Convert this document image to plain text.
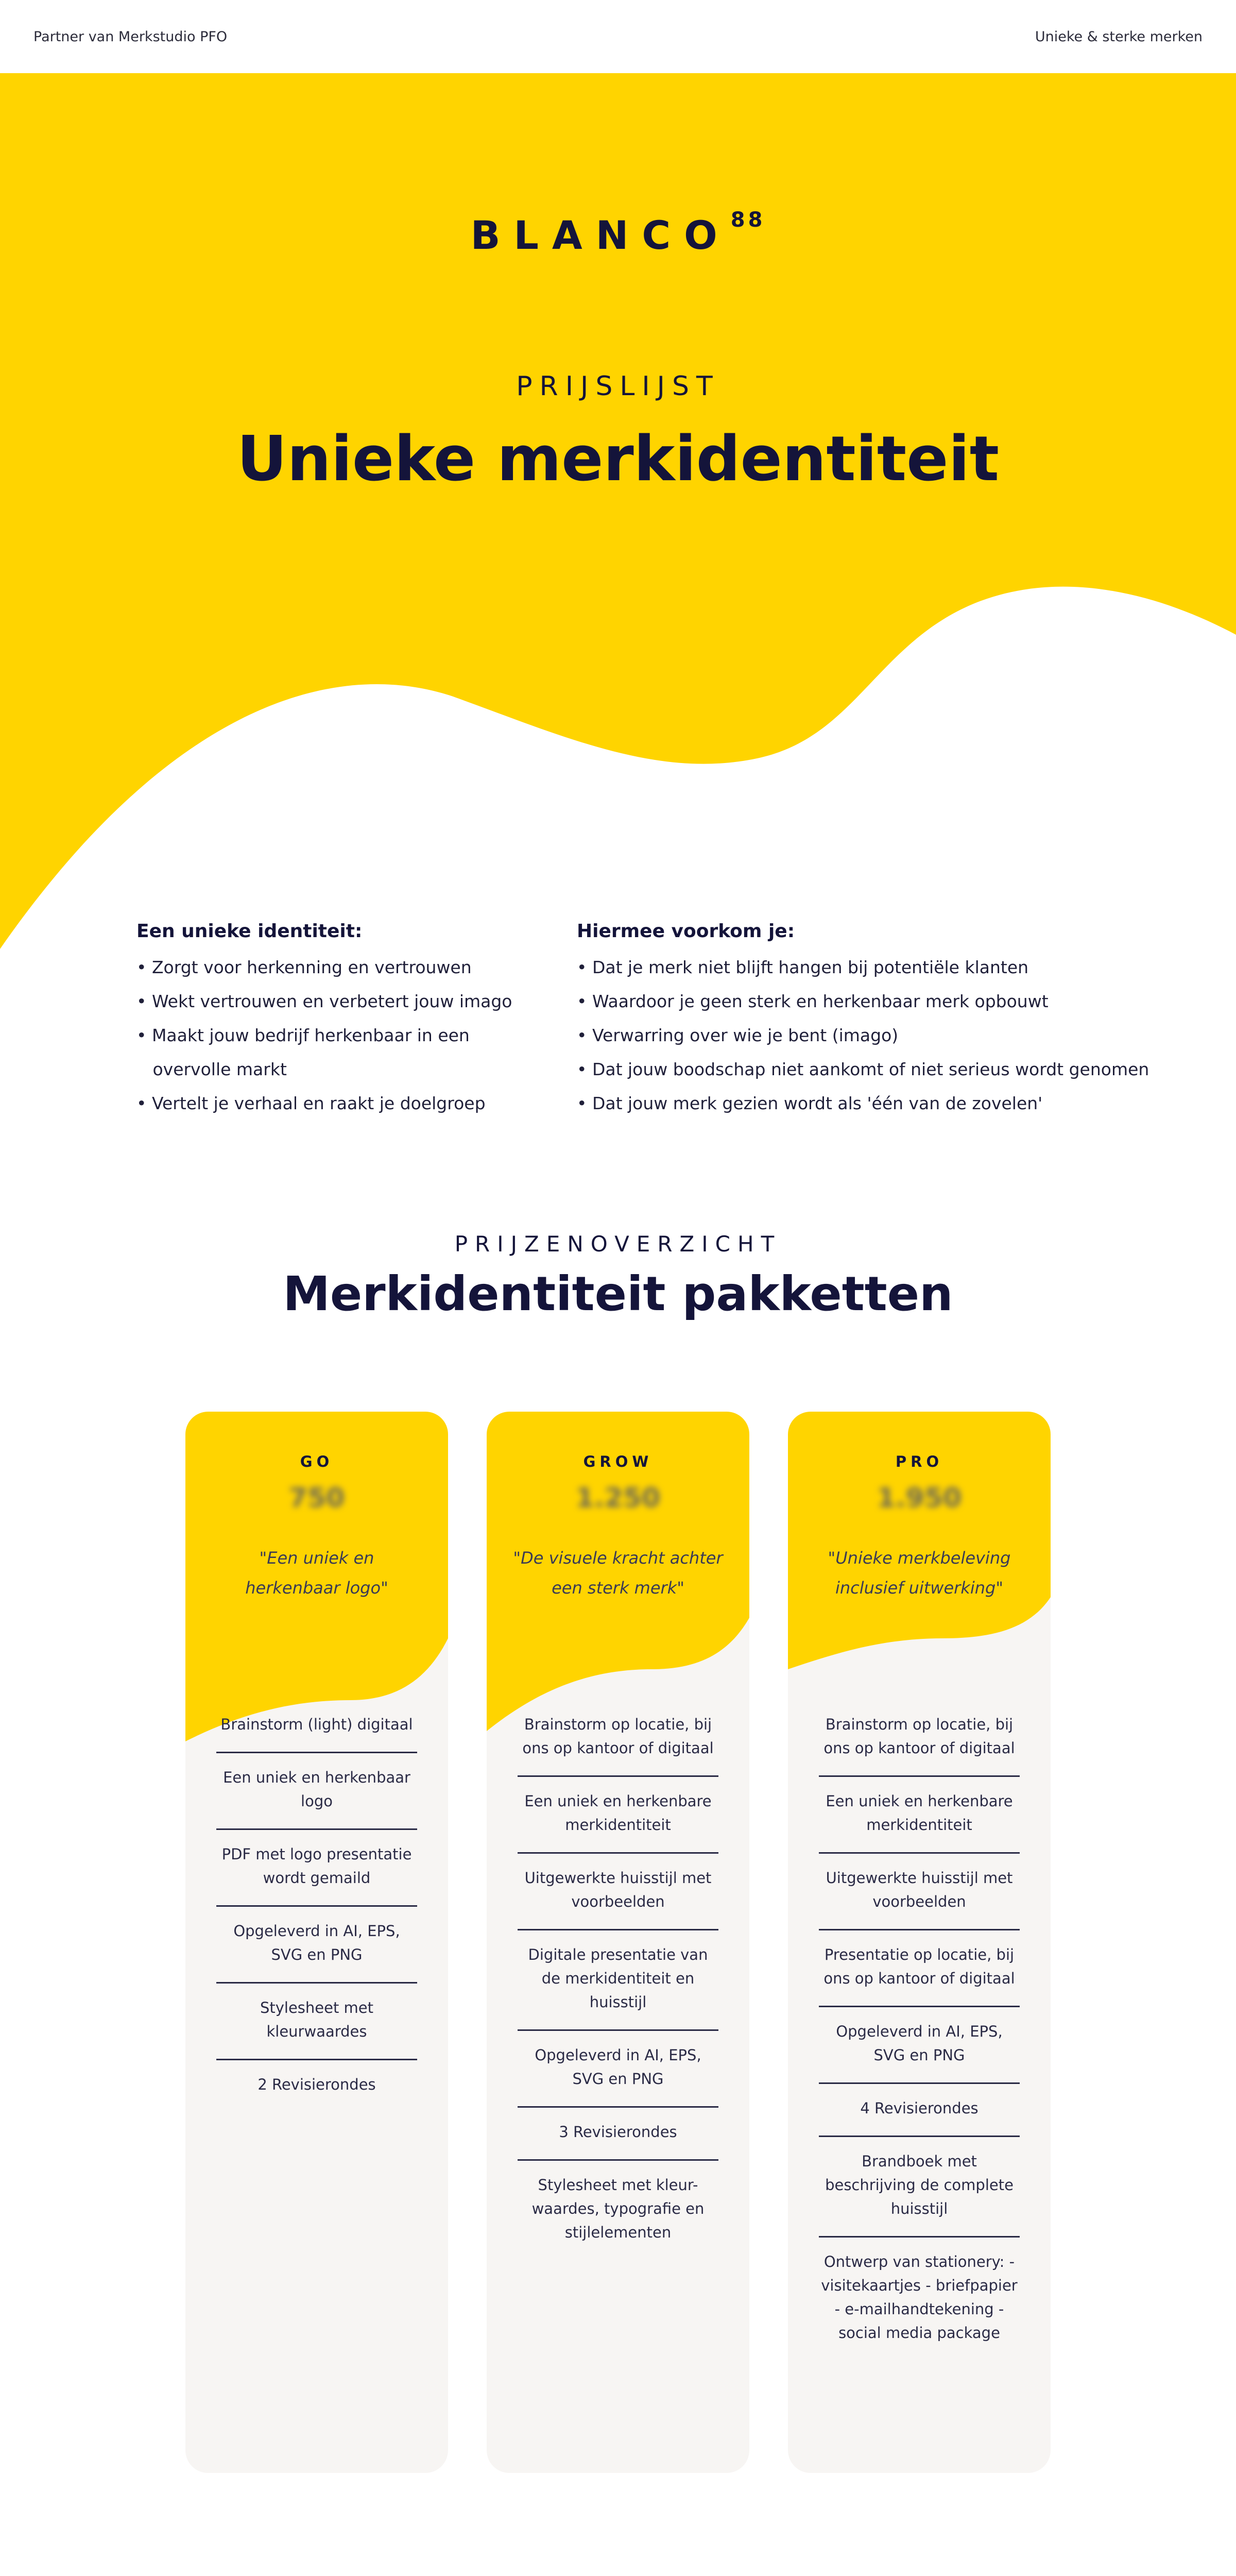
Partner van Merkstudio PFO	Unieke & sterke merken
BLANCO$^{88}$
PRIJSLIJST
Unieke merkidentiteit
Een unieke identiteit:
• Zorgt voor herkenning en vertrouwen
• Wekt vertrouwen en verbetert jouw imago
• Maakt jouw bedrijf herkenbaar in een
overvolle markt
• Vertelt je verhaal en raakt je doelgroep
Hiermee voorkom je:
• Dat je merk niet blijft hangen bij potentiële klanten
• Waardoor je geen sterk en herkenbaar merk opbouwt
• Verwarring over wie je bent (imago)
• Dat jouw boodschap niet aankomt of niet serieus wordt genomen
• Dat jouw merk gezien wordt als 'één van de zovelen'
PRIJZENOVERZICHT
Merkidentiteit pakketten
GO
750
"Een uniek en herkenbaar logo"
Brainstorm (light) digitaal
Een uniek en herkenbaar logo
PDF met logo presentatie wordt gemaild
Opgeleverd in AI, EPS, SVG en PNG
Stylesheet met kleurwaardes
2 Revisierondes
GROW
1.250
"De visuele kracht achter een sterk merk"
Brainstorm op locatie, bij ons op kantoor of digitaal
Een uniek en herkenbare merkidentiteit
Uitgewerkte huisstijl met voorbeelden
Digitale presentatie van de merkidentiteit en huisstijl
Opgeleverd in AI, EPS, SVG en PNG
3 Revisierondes
Stylesheet met kleur-waardes, typografie en stijlelementen
PRO
1.950
"Unieke merkbeleving inclusief uitwerking"
Brainstorm op locatie, bij ons op kantoor of digitaal
Een uniek en herkenbare merkidentiteit
Uitgewerkte huisstijl met voorbeelden
Presentatie op locatie, bij ons op kantoor of digitaal
Opgeleverd in AI, EPS, SVG en PNG
4 Revisierondes
Brandboek met beschrijving de complete huisstijl
Ontwerp van stationery: - visitekaartjes - briefpapier - e-mailhandtekening - social media package
